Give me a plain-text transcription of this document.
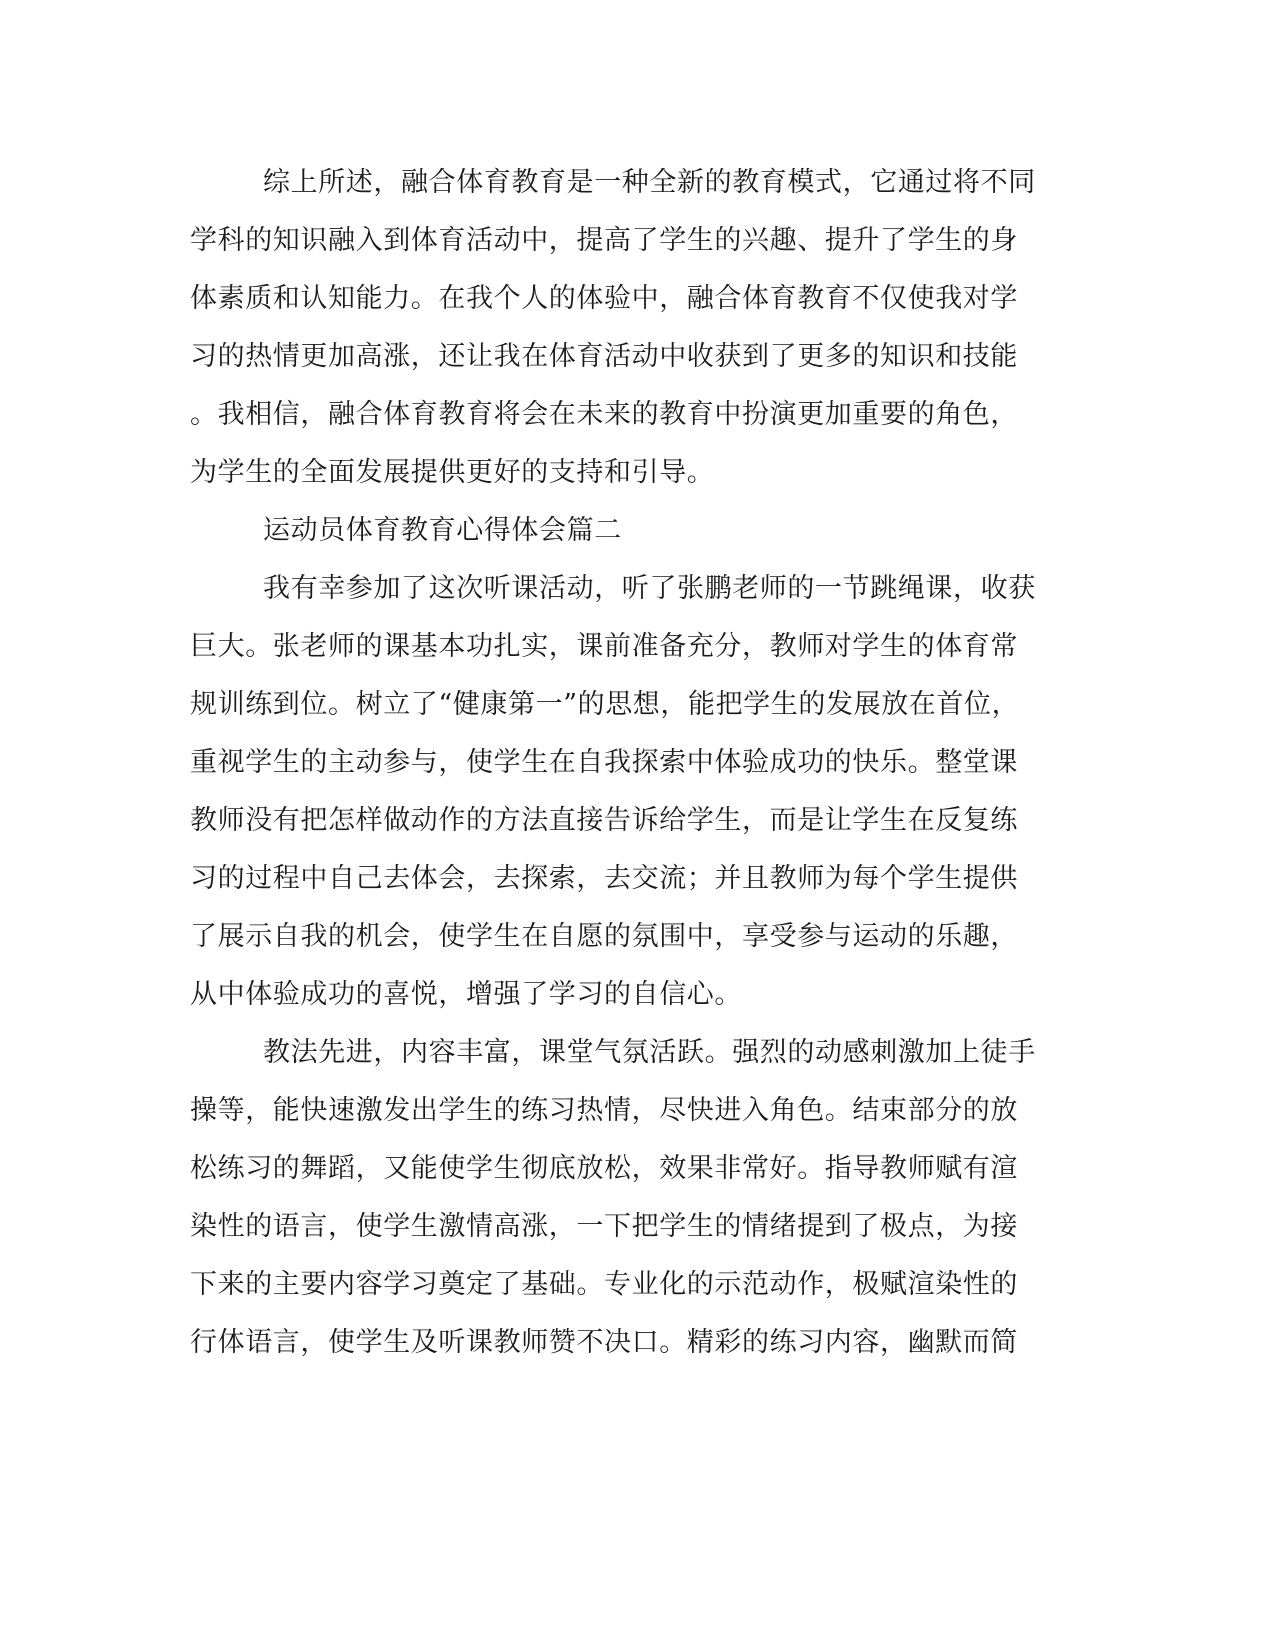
综上所述，融合体育教育是一种全新的教育模式，它通过将不同
学科的知识融入到体育活动中，提高了学生的兴趣、提升了学生的身
体素质和认知能力。在我个人的体验中，融合体育教育不仅使我对学
习的热情更加高涨，还让我在体育活动中收获到了更多的知识和技能
。我相信，融合体育教育将会在未来的教育中扮演更加重要的角色，
为学生的全面发展提供更好的支持和引导。
运动员体育教育心得体会篇二
我有幸参加了这次听课活动，听了张鹏老师的一节跳绳课，收获
巨大。张老师的课基本功扎实，课前准备充分，教师对学生的体育常
规训练到位。树立了“健康第一”的思想，能把学生的发展放在首位，
重视学生的主动参与，使学生在自我探索中体验成功的快乐。整堂课
教师没有把怎样做动作的方法直接告诉给学生，而是让学生在反复练
习的过程中自己去体会，去探索，去交流；并且教师为每个学生提供
了展示自我的机会，使学生在自愿的氛围中，享受参与运动的乐趣，
从中体验成功的喜悦，增强了学习的自信心。
教法先进，内容丰富，课堂气氛活跃。强烈的动感刺激加上徒手
操等，能快速激发出学生的练习热情，尽快进入角色。结束部分的放
松练习的舞蹈，又能使学生彻底放松，效果非常好。指导教师赋有渲
染性的语言，使学生激情高涨，一下把学生的情绪提到了极点，为接
下来的主要内容学习奠定了基础。专业化的示范动作，极赋渲染性的
行体语言，使学生及听课教师赞不决口。精彩的练习内容，幽默而简
